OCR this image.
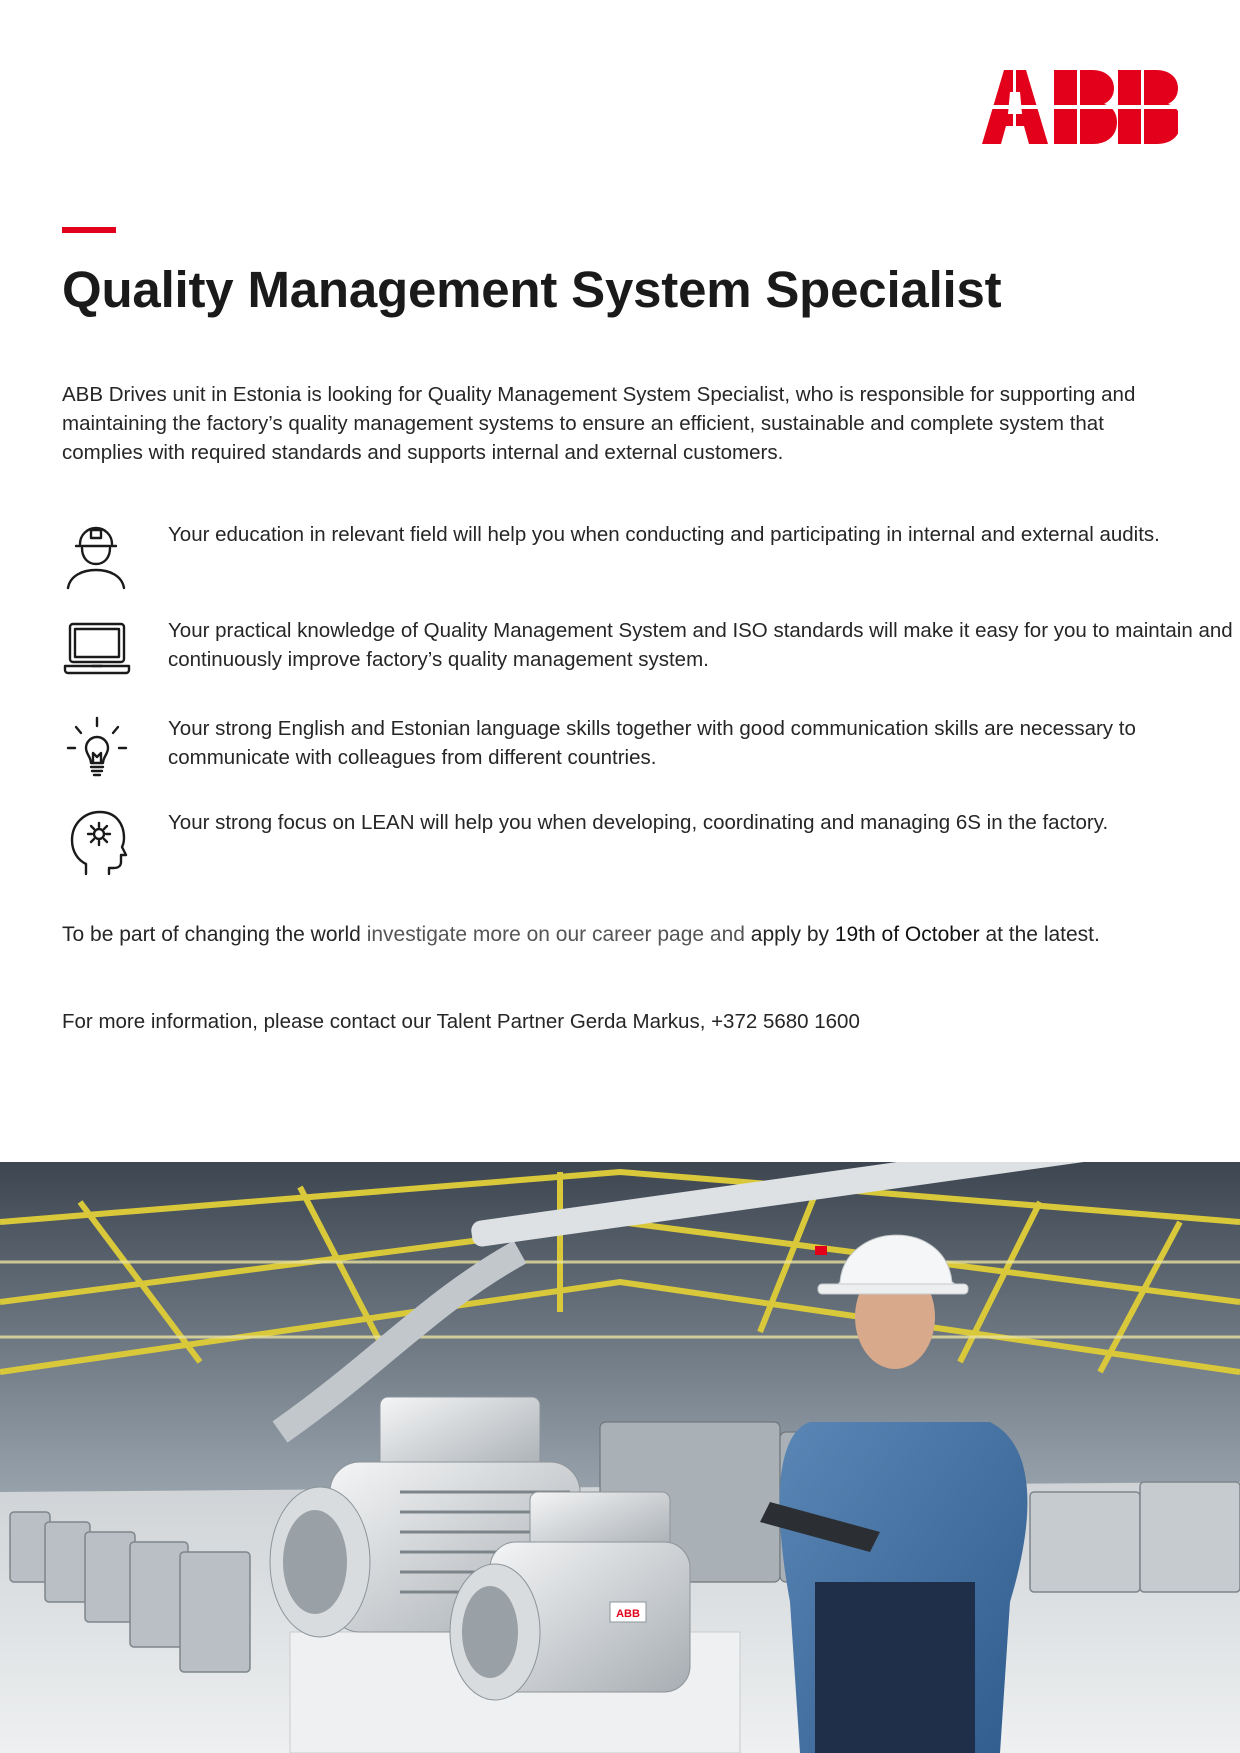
Quality Management System Specialist

ABB Drives unit in Estonia is looking for Quality Management System Specialist, who is responsible for supporting and maintaining the factory’s quality management systems to ensure an efficient, sustainable and complete system that complies with required standards and supports internal and external customers.

Your education in relevant field will help you when conducting and participating in internal and external audits.

Your practical knowledge of Quality Management System and ISO standards will make it easy for you to maintain and continuously improve factory’s quality management system.

Your strong English and Estonian language skills together with good communication skills are necessary to communicate with colleagues from different countries.

Your strong focus on LEAN will help you when developing, coordinating and managing 6S in the factory.

To be part of changing the world investigate more on our career page and apply by 19th of October at the latest.

For more information, please contact our Talent Partner Gerda Markus, +372 5680 1600

ABB
